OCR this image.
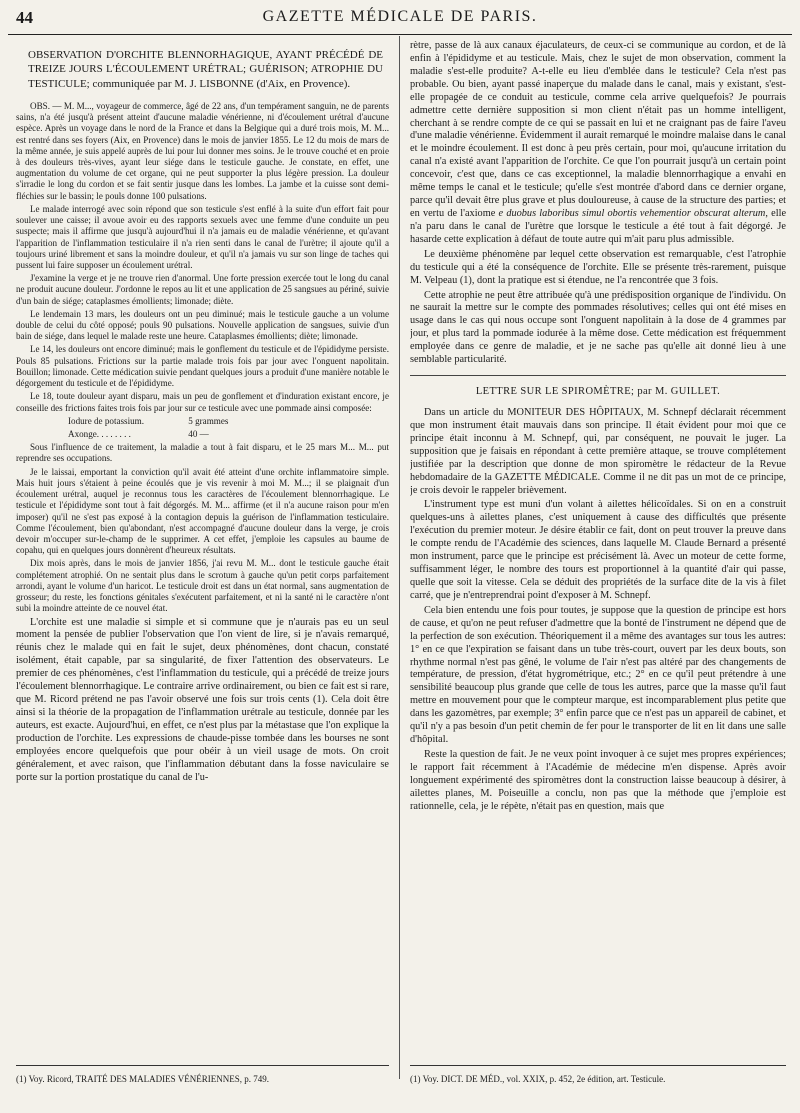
44	GAZETTE MÉDICALE DE PARIS.
OBSERVATION D'ORCHITE BLENNORHAGIQUE, AYANT PRÉCÉDÉ DE TREIZE JOURS L'ÉCOULEMENT URÉTRAL; GUÉRISON; ATROPHIE DU TESTICULE; communiquée par M. J. LISBONNE (d'Aix, en Provence).

OBS. — M. M..., voyageur de commerce, âgé de 22 ans, d'un tempérament sanguin, ne de parents sains, n'a été jusqu'à présent atteint d'aucune maladie vénérienne, ni d'écoulement urétral d'aucune espèce. Après un voyage dans le nord de la France et dans la Belgique qui a duré trois mois, M. M... est rentré dans ses foyers (Aix, en Provence) dans le mois de janvier 1855. Le 12 du mois de mars de la même année, je suis appelé auprès de lui pour lui donner mes soins. Je le trouve couché et en proie à des douleurs très-vives, ayant leur siége dans le testicule gauche. Je constate, en effet, une augmentation du volume de cet organe, qui ne peut supporter la plus légère pression. La douleur s'irradie le long du cordon et se fait sentir jusque dans les lombes. La jambe et la cuisse sont demi-fléchies sur le bassin; le pouls donne 100 pulsations.

Le malade interrogé avec soin répond que son testicule s'est enflé à la suite d'un effort fait pour soulever une caisse; il avoue avoir eu des rapports sexuels avec une femme d'une conduite un peu suspecte; mais il affirme que jusqu'à aujourd'hui il n'a jamais eu de maladie vénérienne, et qu'avant l'apparition de l'inflammation testiculaire il n'a rien senti dans le canal de l'urètre; il ajoute qu'il a toujours uriné librement et sans la moindre douleur, et qu'il n'a jamais vu sur son linge de taches qui pussent lui faire supposer un écoulement urétral.

J'examine la verge et je ne trouve rien d'anormal. Une forte pression exercée tout le long du canal ne produit aucune douleur. J'ordonne le repos au lit et une application de 25 sangsues au périné, suivie d'un bain de siége; cataplasmes émollients; limonade; diète.

Le lendemain 13 mars, les douleurs ont un peu diminué; mais le testicule gauche a un volume double de celui du côté opposé; pouls 90 pulsations. Nouvelle application de sangsues, suivie d'un bain de siége, dans lequel le malade reste une heure. Cataplasmes émollients; diète; limonade.

Le 14, les douleurs ont encore diminué; mais le gonflement du testicule et de l'épididyme persiste. Pouls 85 pulsations. Frictions sur la partie malade trois fois par jour avec l'onguent napolitain. Bouillon; limonade. Cette médication suivie pendant quelques jours a produit d'une manière notable le dégorgement du testicule et de l'épididyme.

Le 18, toute douleur ayant disparu, mais un peu de gonflement et d'induration existant encore, je conseille des frictions faites trois fois par jour sur ce testicule avec une pommade ainsi composée:

Iodure de potassium.	5 grammes
Axonge. . . . . . . .	40 —

Sous l'influence de ce traitement, la maladie a tout à fait disparu, et le 25 mars M... M... put reprendre ses occupations.

Je le laissai, emportant la conviction qu'il avait été atteint d'une orchite inflammatoire simple. Mais huit jours s'étaient à peine écoulés que je vis revenir à moi M. M...; il se plaignait d'un écoulement urétral, auquel je reconnus tous les caractères de l'écoulement blennorrhagique. Le testicule et l'épididyme sont tout à fait dégorgés. M. M... affirme (et il n'a aucune raison pour m'en imposer) qu'il ne s'est pas exposé à la contagion depuis la guérison de l'inflammation testiculaire. Comme l'écoulement, bien qu'abondant, n'est accompagné d'aucune douleur dans la verge, je crois devoir m'occuper sur-le-champ de le supprimer. A cet effet, j'emploie les capsules au baume de copahu, qui en quelques jours donnèrent d'heureux résultats.

Dix mois après, dans le mois de janvier 1856, j'ai revu M. M... dont le testicule gauche était complétement atrophié. On ne sentait plus dans le scrotum à gauche qu'un petit corps parfaitement arrondi, ayant le volume d'un haricot. Le testicule droit est dans un état normal, sans augmentation de grosseur; du reste, les fonctions génitales s'exécutent parfaitement, et ni la santé ni le caractère n'ont subi la moindre atteinte de ce nouvel état.

L'orchite est une maladie si simple et si commune que je n'aurais pas eu un seul moment la pensée de publier l'observation que l'on vient de lire, si je n'avais remarqué, réunis chez le malade qui en fait le sujet, deux phénomènes, dont chacun, constaté isolément, était capable, par sa singularité, de fixer l'attention des observateurs. Le premier de ces phénomènes, c'est l'inflammation du testicule, qui a précédé de treize jours l'écoulement blennorrhagique. Le contraire arrive ordinairement, ou bien ce fait est si rare, que M. Ricord prétend ne pas l'avoir observé une fois sur trois cents (1). Cela doit être ainsi si la théorie de la propagation de l'inflammation urétrale au testicule, donnée par les auteurs, est exacte. Aujourd'hui, en effet, ce n'est plus par la métastase que l'on explique la production de l'orchite. Les expressions de chaude-pisse tombée dans les bourses ne sont employées encore quelquefois que pour obéir à un vieil usage de mots. On croit généralement, et avec raison, que l'inflammation débutant dans la fosse naviculaire se porte sur la portion prostatique du canal de l'u-

rètre, passe de là aux canaux éjaculateurs, de ceux-ci se communique au cordon, et de là enfin à l'épididyme et au testicule. Mais, chez le sujet de mon observation, comment la maladie s'est-elle produite? A-t-elle eu lieu d'emblée dans le testicule? Cela n'est pas probable. Ou bien, ayant passé inaperçue du malade dans le canal, mais y existant, s'est-elle propagée de ce conduit au testicule, comme cela arrive quelquefois? Je pourrais admettre cette dernière supposition si mon client n'était pas un homme intelligent, cherchant à se rendre compte de ce qui se passait en lui et ne craignant pas de faire l'aveu d'une maladie vénérienne. Évidemment il aurait remarqué le moindre malaise dans le canal et le moindre écoulement. Il est donc à peu près certain, pour moi, qu'aucune irritation du canal n'a existé avant l'apparition de l'orchite. Ce que l'on pourrait jusqu'à un certain point concevoir, c'est que, dans ce cas exceptionnel, la maladie blennorrhagique a envahi en même temps le canal et le testicule; qu'elle s'est montrée d'abord dans ce dernier organe, parce qu'il devait être plus grave et plus douloureuse, à cause de la structure des parties; et en vertu de l'axiome e duobus laboribus simul obortis vehementior obscurat alterum, elle n'a paru dans le canal de l'urètre que lorsque le testicule a été tout à fait dégorgé. Je hasarde cette explication à défaut de toute autre qui m'ait paru plus admissible.

Le deuxième phénomène par lequel cette observation est remarquable, c'est l'atrophie du testicule qui a été la conséquence de l'orchite. Elle se présente très-rarement, puisque M. Velpeau (1), dont la pratique est si étendue, ne l'a rencontrée que 3 fois.

Cette atrophie ne peut être attribuée qu'à une prédisposition organique de l'individu. On ne saurait la mettre sur le compte des pommades résolutives; celles qui ont été mises en usage dans le cas qui nous occupe sont l'onguent napolitain à la dose de 4 grammes par jour, et plus tard la pommade iodurée à la même dose. Cette médication est fréquemment employée dans ce genre de maladie, et je ne sache pas qu'elle ait donné lieu à une semblable particularité.

LETTRE SUR LE SPIROMÈTRE; par M. GUILLET.

Dans un article du MONITEUR DES HÔPITAUX, M. Schnepf déclarait récemment que mon instrument était mauvais dans son principe. Il était évident pour moi que ce principe était inconnu à M. Schnepf, qui, par conséquent, ne pouvait le juger. La supposition que je faisais en répondant à cette première attaque, se trouve complétement justifiée par la description que donne de mon spiromètre le rédacteur de la Revue hebdomadaire de la GAZETTE MÉDICALE. Comme il ne dit pas un mot de ce principe, je crois devoir le rappeler brièvement.

L'instrument type est muni d'un volant à ailettes hélicoïdales. Si on en a construit quelques-uns à ailettes planes, c'est uniquement à cause des difficultés que présente l'exécution du premier moteur. Je désire établir ce fait, dont on peut trouver la preuve dans le compte rendu de l'Académie des sciences, dans laquelle M. Claude Bernard a présenté mon instrument, parce que le principe est précisément là. Avec un moteur de cette forme, suffisamment léger, le nombre des tours est proportionnel à la quantité d'air qui passe, quelle que soit la vitesse. Cela se déduit des propriétés de la surface dite de la vis à filet carré, que je n'entreprendrai point d'exposer à M. Schnepf.

Cela bien entendu une fois pour toutes, je suppose que la question de principe est hors de cause, et qu'on ne peut refuser d'admettre que la bonté de l'instrument ne dépend que de la perfection de son exécution. Théoriquement il a même des avantages sur tous les autres: 1° en ce que l'expiration se faisant dans un tube très-court, ouvert par les deux bouts, son rhythme normal n'est pas gêné, le volume de l'air n'est pas altéré par des changements de température, de pression, d'état hygrométrique, etc.; 2° en ce qu'il peut prétendre à une sensibilité beaucoup plus grande que celle de tous les autres, parce que la masse qu'il faut mettre en mouvement pour que le compteur marque, est incomparablement plus petite que dans les gazomètres, par exemple; 3° enfin parce que ce n'est pas un appareil de cabinet, et qu'il n'y a pas besoin d'un petit chemin de fer pour le transporter de lit en lit dans une salle d'hôpital.

Reste la question de fait. Je ne veux point invoquer à ce sujet mes propres expériences; le rapport fait récemment à l'Académie de médecine m'en dispense. Après avoir longuement expérimenté des spiromètres dont la construction laisse beaucoup à désirer, à ailettes planes, M. Poiseuille a conclu, non pas que la méthode que j'emploie est rationnelle, cela, je le répète, n'était pas en question, mais que

(1) Voy. Ricord, TRAITÉ DES MALADIES VÉNÉRIENNES, p. 749.	(1) Voy. DICT. DE MÉD., vol. XXIX, p. 452, 2e édition, art. Testicule.
